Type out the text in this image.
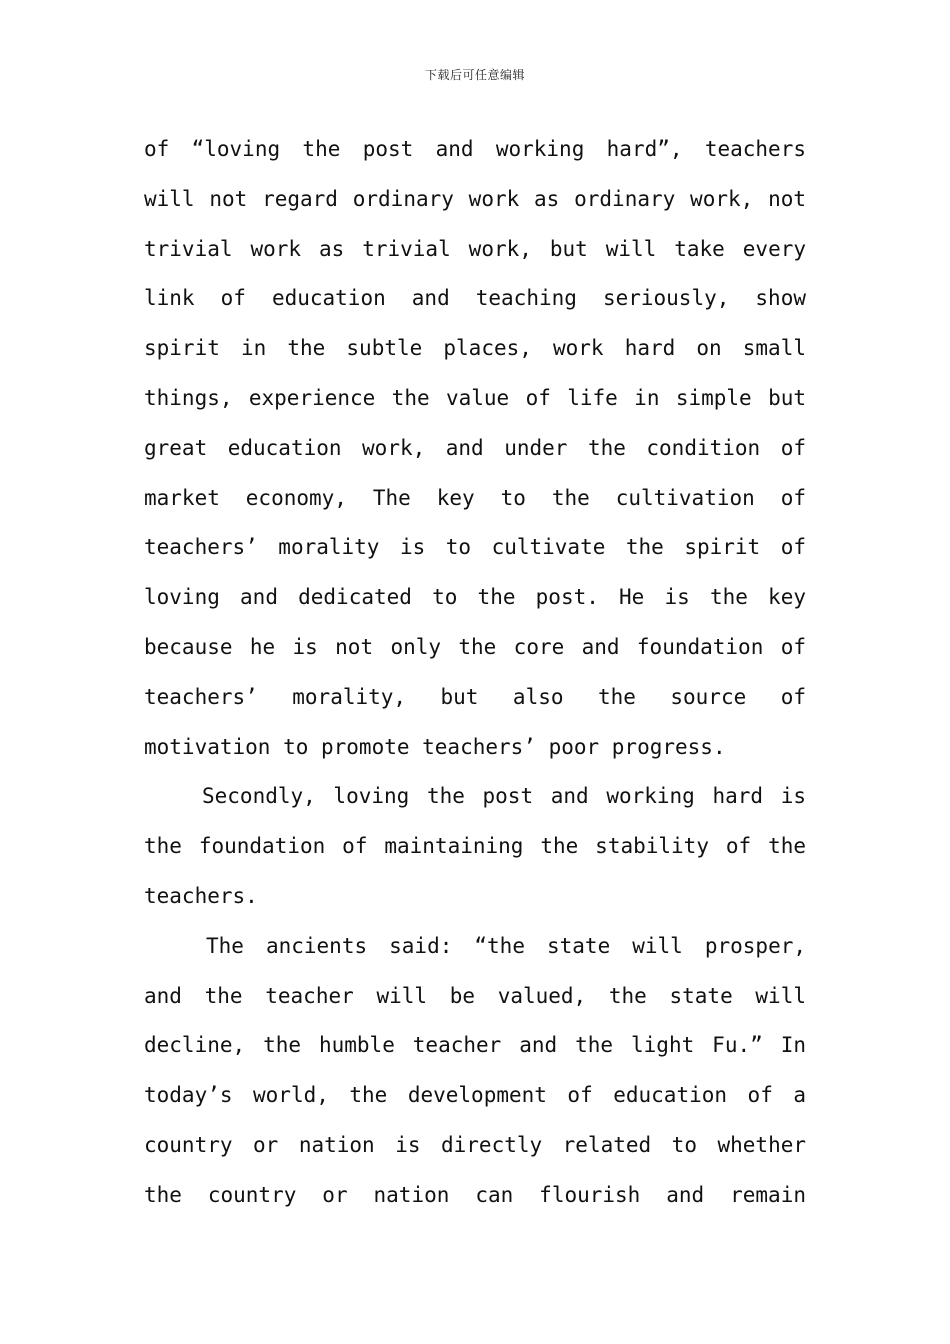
下载后可任意编辑
of “loving the post and working hard”, teachers
will not regard ordinary work as ordinary work, not
trivial work as trivial work, but will take every
link of education and teaching seriously, show
spirit in the subtle places, work hard on small
things, experience the value of life in simple but
great education work, and under the condition of
market economy, The key to the cultivation of
teachers’ morality is to cultivate the spirit of
loving and dedicated to the post. He is the key
because he is not only the core and foundation of
teachers’ morality, but also the source of
motivation to promote teachers’ poor progress.
Secondly, loving the post and working hard is
the foundation of maintaining the stability of the
teachers.
The ancients said: “the state will prosper,
and the teacher will be valued, the state will
decline, the humble teacher and the light Fu.” In
today’s world, the development of education of a
country or nation is directly related to whether
the country or nation can flourish and remain
